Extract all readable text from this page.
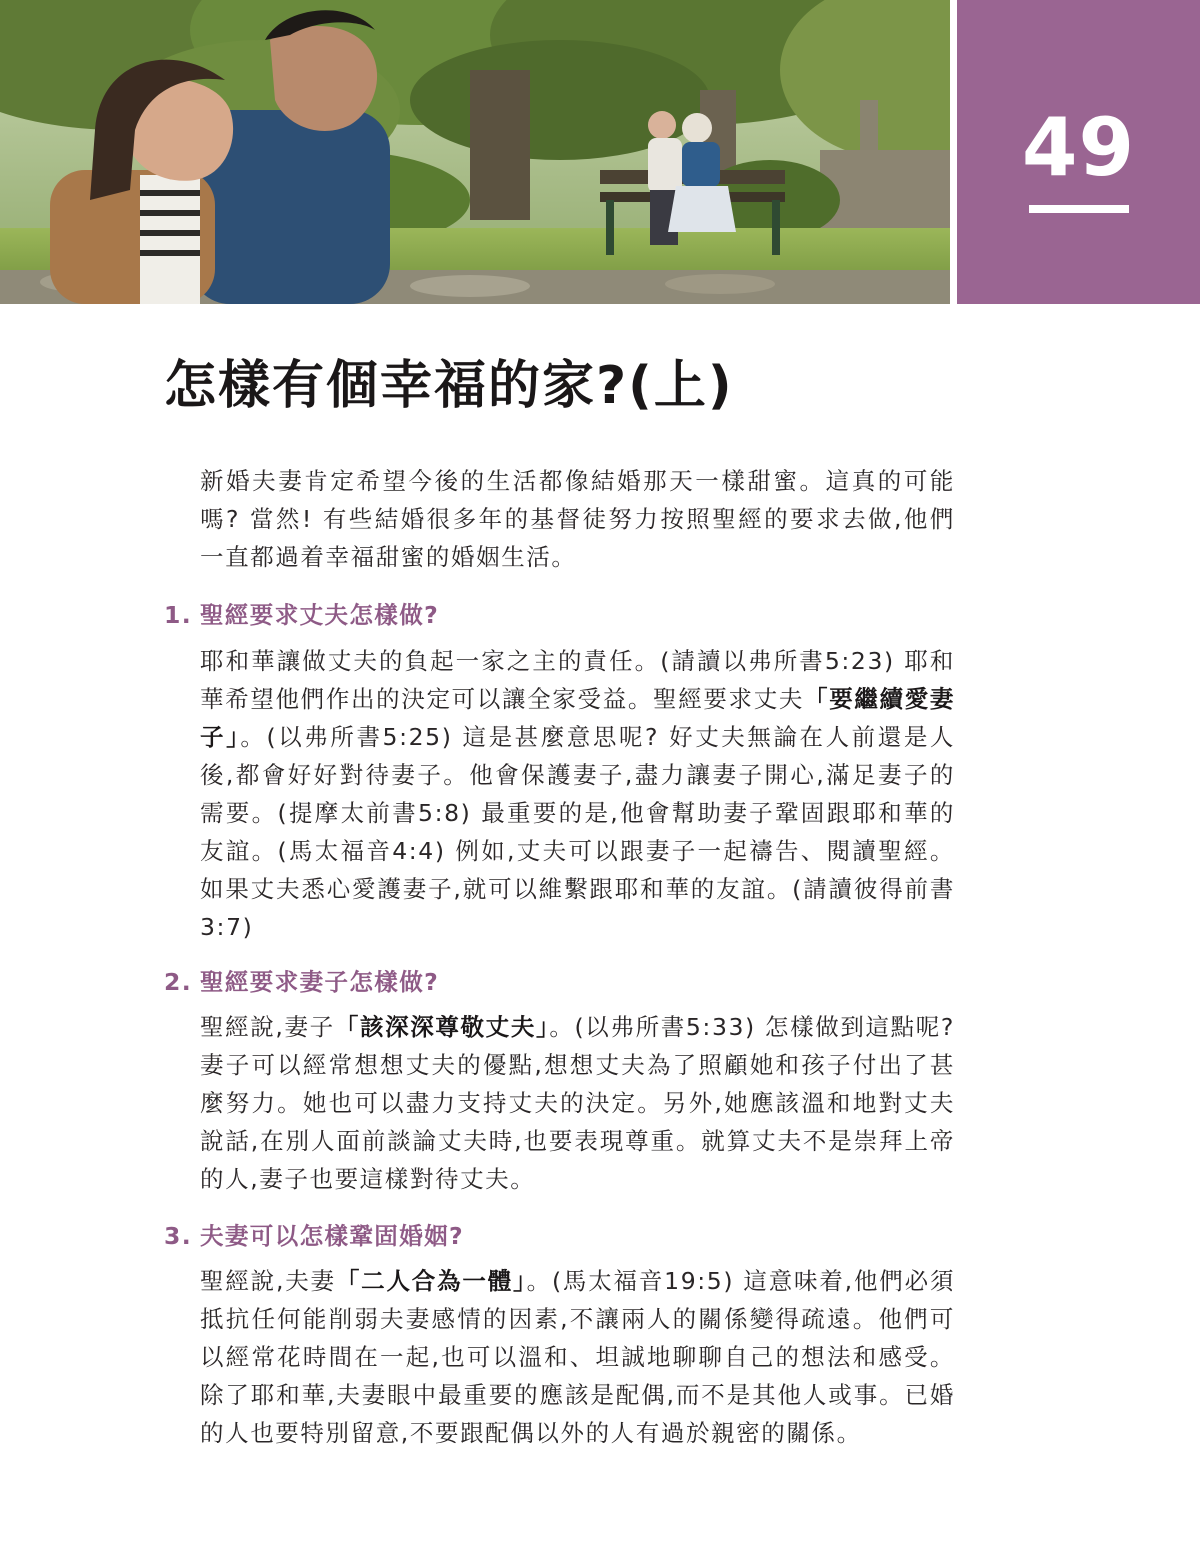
49
怎樣有個幸福的家?(上)

新婚夫妻肯定希望今後的生活都像結婚那天一樣甜蜜。這真的可能嗎? 當然! 有些結婚很多年的基督徒努力按照聖經的要求去做,他們一直都過着幸福甜蜜的婚姻生活。

1. 聖經要求丈夫怎樣做?

耶和華讓做丈夫的負起一家之主的責任。(請讀以弗所書5:23) 耶和華希望他們作出的決定可以讓全家受益。聖經要求丈夫「要繼續愛妻子」。(以弗所書5:25) 這是甚麼意思呢? 好丈夫無論在人前還是人後,都會好好對待妻子。他會保護妻子,盡力讓妻子開心,滿足妻子的需要。(提摩太前書5:8) 最重要的是,他會幫助妻子鞏固跟耶和華的友誼。(馬太福音4:4) 例如,丈夫可以跟妻子一起禱告、閱讀聖經。如果丈夫悉心愛護妻子,就可以維繫跟耶和華的友誼。(請讀彼得前書3:7)

2. 聖經要求妻子怎樣做?

聖經說,妻子「該深深尊敬丈夫」。(以弗所書5:33) 怎樣做到這點呢? 妻子可以經常想想丈夫的優點,想想丈夫為了照顧她和孩子付出了甚麼努力。她也可以盡力支持丈夫的決定。另外,她應該溫和地對丈夫說話,在別人面前談論丈夫時,也要表現尊重。就算丈夫不是崇拜上帝的人,妻子也要這樣對待丈夫。

3. 夫妻可以怎樣鞏固婚姻?

聖經說,夫妻「二人合為一體」。(馬太福音19:5) 這意味着,他們必須抵抗任何能削弱夫妻感情的因素,不讓兩人的關係變得疏遠。他們可以經常花時間在一起,也可以溫和、坦誠地聊聊自己的想法和感受。除了耶和華,夫妻眼中最重要的應該是配偶,而不是其他人或事。已婚的人也要特別留意,不要跟配偶以外的人有過於親密的關係。
